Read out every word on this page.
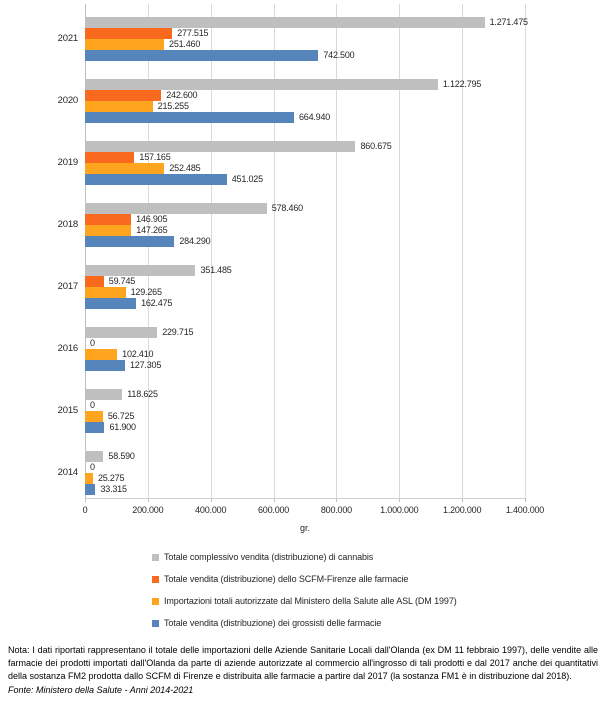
0	200.000	400.000	600.000	800.000	1.000.000	1.200.000	1.400.000
2021
1.271.475
277.515
251.460
742.500
2020
1.122.795
242.600
215.255
664.940
2019
860.675
157.165
252.485
451.025
2018
578.460
146.905
147.265
284.290
2017
351.485
59.745
129.265
162.475
2016
229.715
0
102.410
127.305
2015
118.625
0
56.725
61.900
2014
58.590
0
25.275
33.315
gr.
Totale complessivo vendita (distribuzione) di cannabis
Totale vendita (distribuzione) dello SCFM-Firenze alle farmacie
Importazioni totali autorizzate dal Ministero della Salute alle ASL (DM 1997)
Totale vendita (distribuzione) dei grossisti delle farmacie
Nota: I dati riportati rappresentano il totale delle importazioni delle Aziende Sanitarie Locali dall'Olanda (ex DM 11 febbraio 1997), delle vendite alle farmacie dei prodotti importati dall'Olanda da parte di aziende autorizzate al commercio all'ingrosso di tali prodotti e dal 2017 anche dei quantitativi della sostanza FM2 prodotta dallo SCFM di Firenze e distribuita alle farmacie a partire dal 2017 (la sostanza FM1 è in distribuzione dal 2018).
Fonte: Ministero della Salute - Anni 2014-2021
